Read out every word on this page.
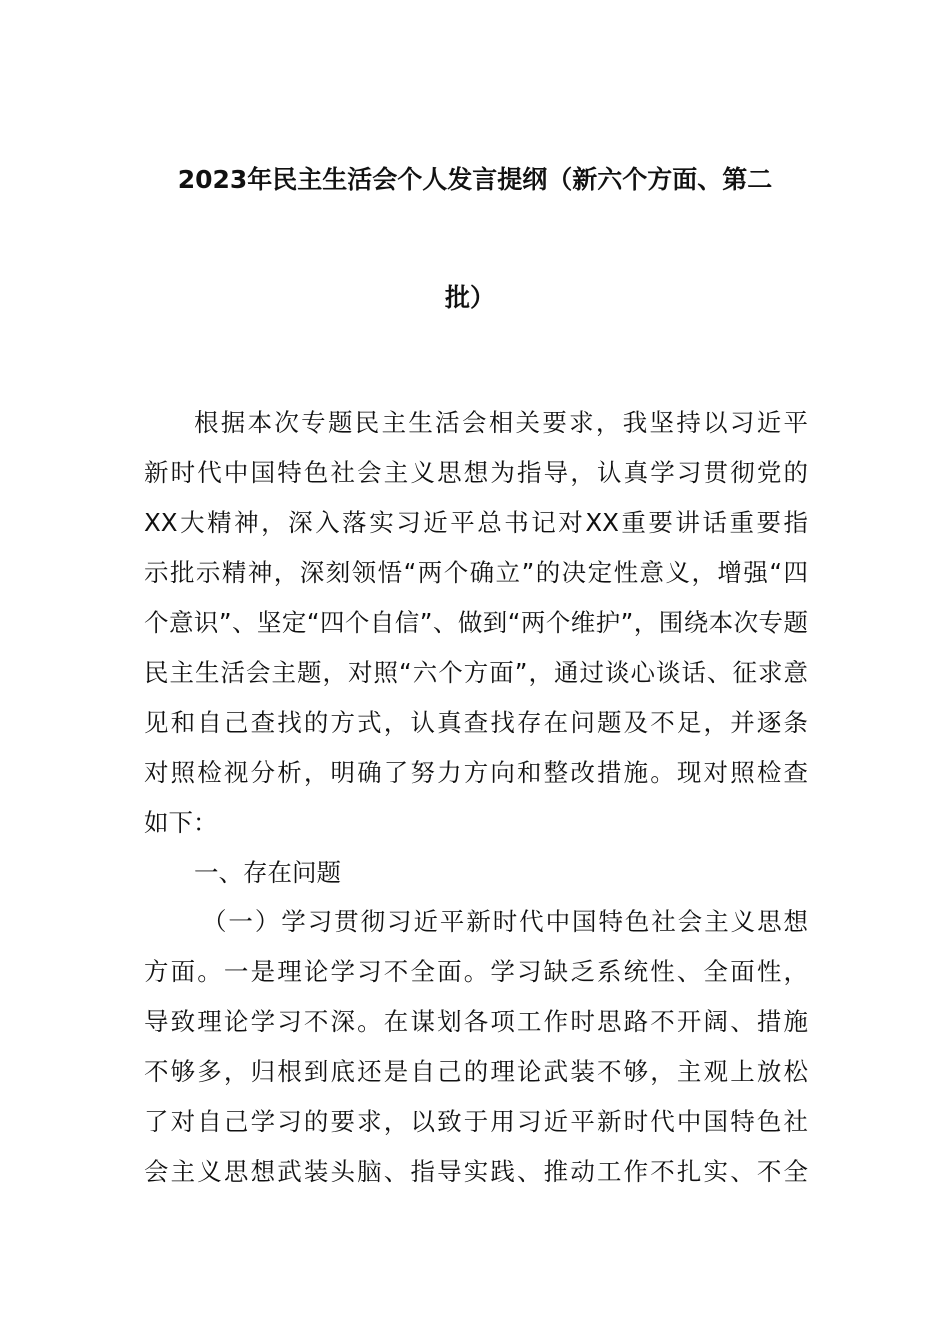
2023年民主生活会个人发言提纲（新六个方面、第二
批）
根据本次专题民主生活会相关要求，我坚持以习近平
新时代中国特色社会主义思想为指导，认真学习贯彻党的
XX大精神，深入落实习近平总书记对XX重要讲话重要指
示批示精神，深刻领悟“两个确立”的决定性意义，增强“四
个意识”、坚定“四个自信”、做到“两个维护”，围绕本次专题
民主生活会主题，对照“六个方面”，通过谈心谈话、征求意
见和自己查找的方式，认真查找存在问题及不足，并逐条
对照检视分析，明确了努力方向和整改措施。现对照检查
如下：
一、存在问题
（一）学习贯彻习近平新时代中国特色社会主义思想
方面。一是理论学习不全面。学习缺乏系统性、全面性，
导致理论学习不深。在谋划各项工作时思路不开阔、措施
不够多，归根到底还是自己的理论武装不够，主观上放松
了对自己学习的要求，以致于用习近平新时代中国特色社
会主义思想武装头脑、指导实践、推动工作不扎实、不全
